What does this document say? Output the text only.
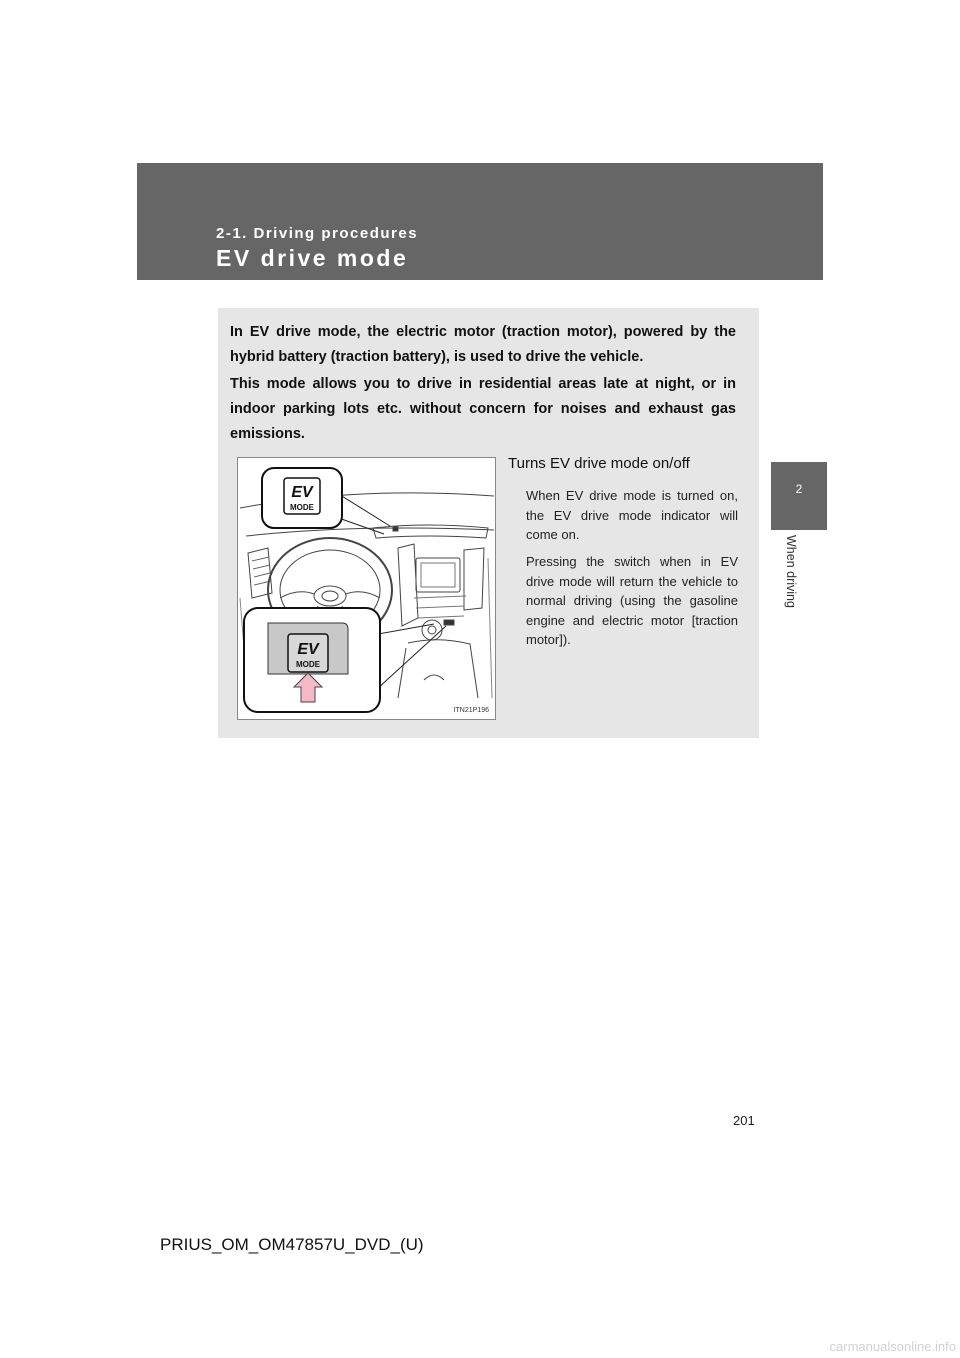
2-1. Driving procedures
EV drive mode
2
When driving

In EV drive mode, the electric motor (traction motor), powered by the hybrid battery (traction battery), is used to drive the vehicle.

This mode allows you to drive in residential areas late at night, or in indoor parking lots etc. without concern for noises and exhaust gas emissions.

EV
MODE
EV
MODE
ITN21P196
Turns EV drive mode on/off

When EV drive mode is turned on, the EV drive mode indicator will come on.

Pressing the switch when in EV drive mode will return the vehicle to normal driving (using the gasoline engine and electric motor [traction motor]).

201
PRIUS_OM_OM47857U_DVD_(U)
carmanualsonline.info
